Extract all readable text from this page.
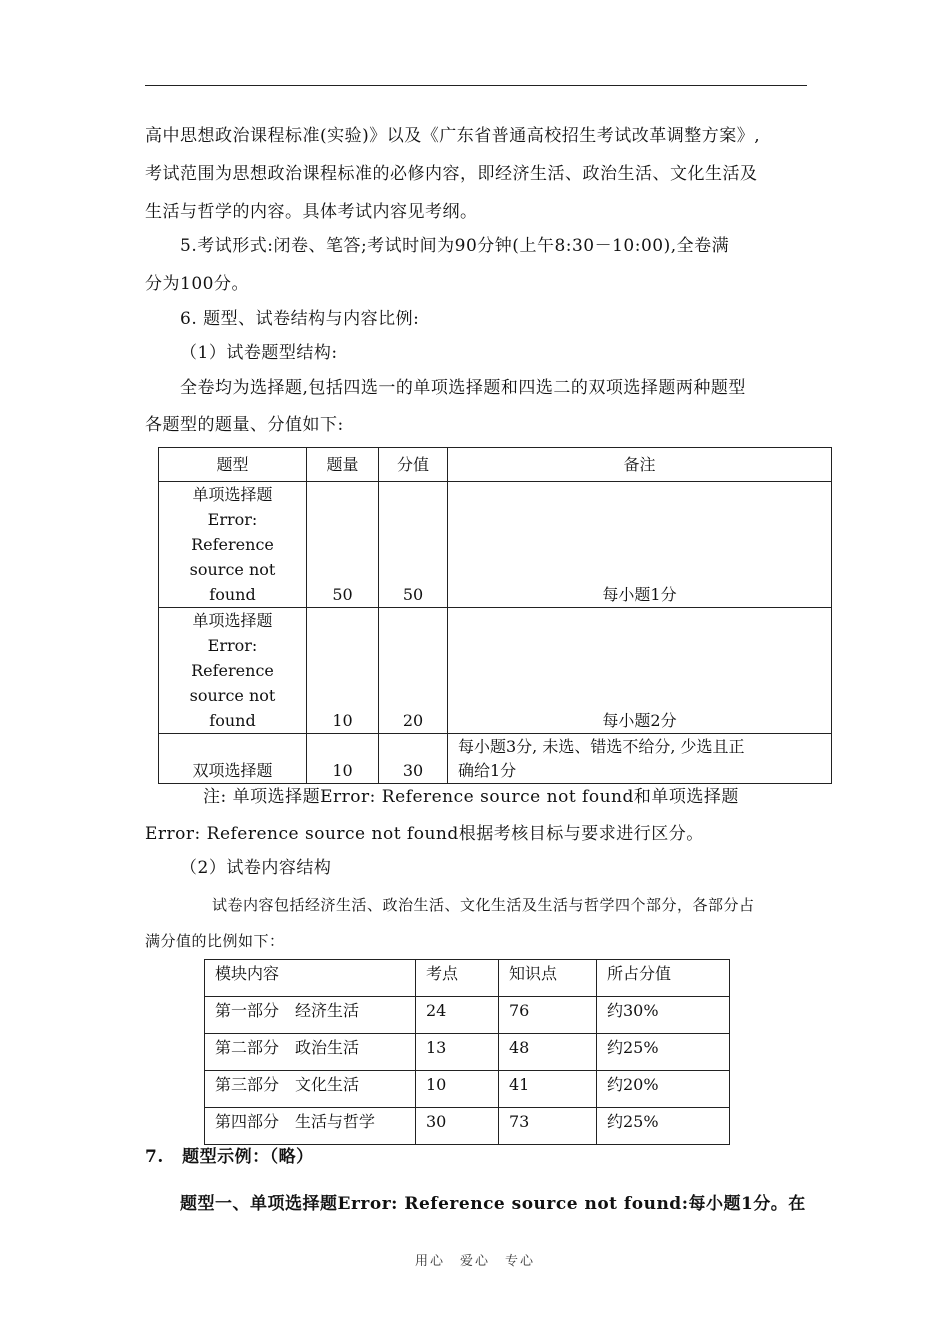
高中思想政治课程标准(实验)》以及《广东省普通高校招生考试改革调整方案》,
考试范围为思想政治课程标准的必修内容，即经济生活、政治生活、文化生活及
生活与哲学的内容。具体考试内容见考纲。
5.考试形式:闭卷、笔答;考试时间为90分钟(上午8:30－10:00),全卷满
分为100分。
6. 题型、试卷结构与内容比例:
（1）试卷题型结构:
全卷均为选择题,包括四选一的单项选择题和四选二的双项选择题两种题型
各题型的题量、分值如下:
题型	题量	分值	备注

单项选择题
Error:
Reference
source not
found	50	50	每小题1分

单项选择题
Error:
Reference
source not
found	10	20	每小题2分
双项选择题	10	30	每小题3分, 未选、错选不给分, 少选且正
确给1分
注: 单项选择题Error: Reference source not found和单项选择题
Error: Reference source not found根据考核目标与要求进行区分。
（2）试卷内容结构
试卷内容包括经济生活、政治生活、文化生活及生活与哲学四个部分，各部分占
满分值的比例如下：
模块内容	考点	知识点	所占分值
第一部分　经济生活	24	76	约30%
第二部分　政治生活	13	48	约25%
第三部分　文化生活	10	41	约20%
第四部分　生活与哲学	30	73	约25%
7. 题型示例：（略）
题型一、单项选择题Error: Reference source not found:每小题1分。在
用心　爱心　专心
